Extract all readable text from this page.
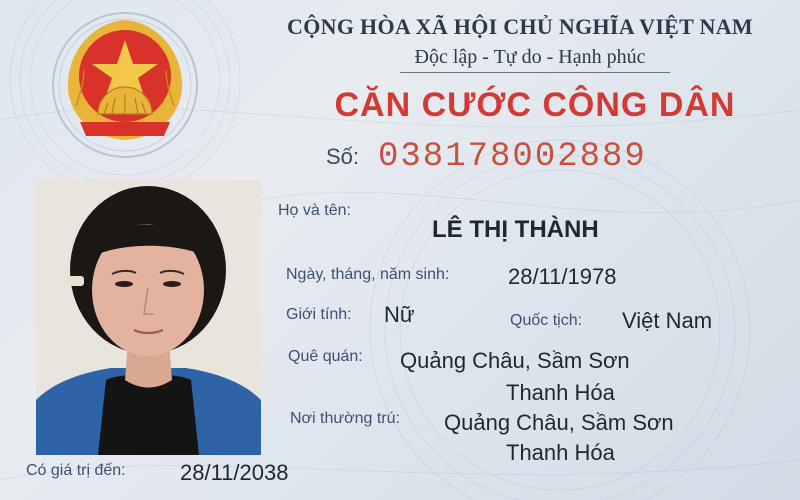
CỘNG HÒA XÃ HỘI CHỦ NGHĨA VIỆT NAM
Độc lập - Tự do - Hạnh phúc
CĂN CƯỚC CÔNG DÂN
Số: 038178002889
Họ và tên:
LÊ THỊ THÀNH
Ngày, tháng, năm sinh:	28/11/1978
Giới tính: Nữ	Quốc tịch: Việt Nam
Quê quán: Quảng Châu, Sầm Sơn
Thanh Hóa
Nơi thường trú: Quảng Châu, Sầm Sơn
Thanh Hóa
Có giá trị đến: 28/11/2038
